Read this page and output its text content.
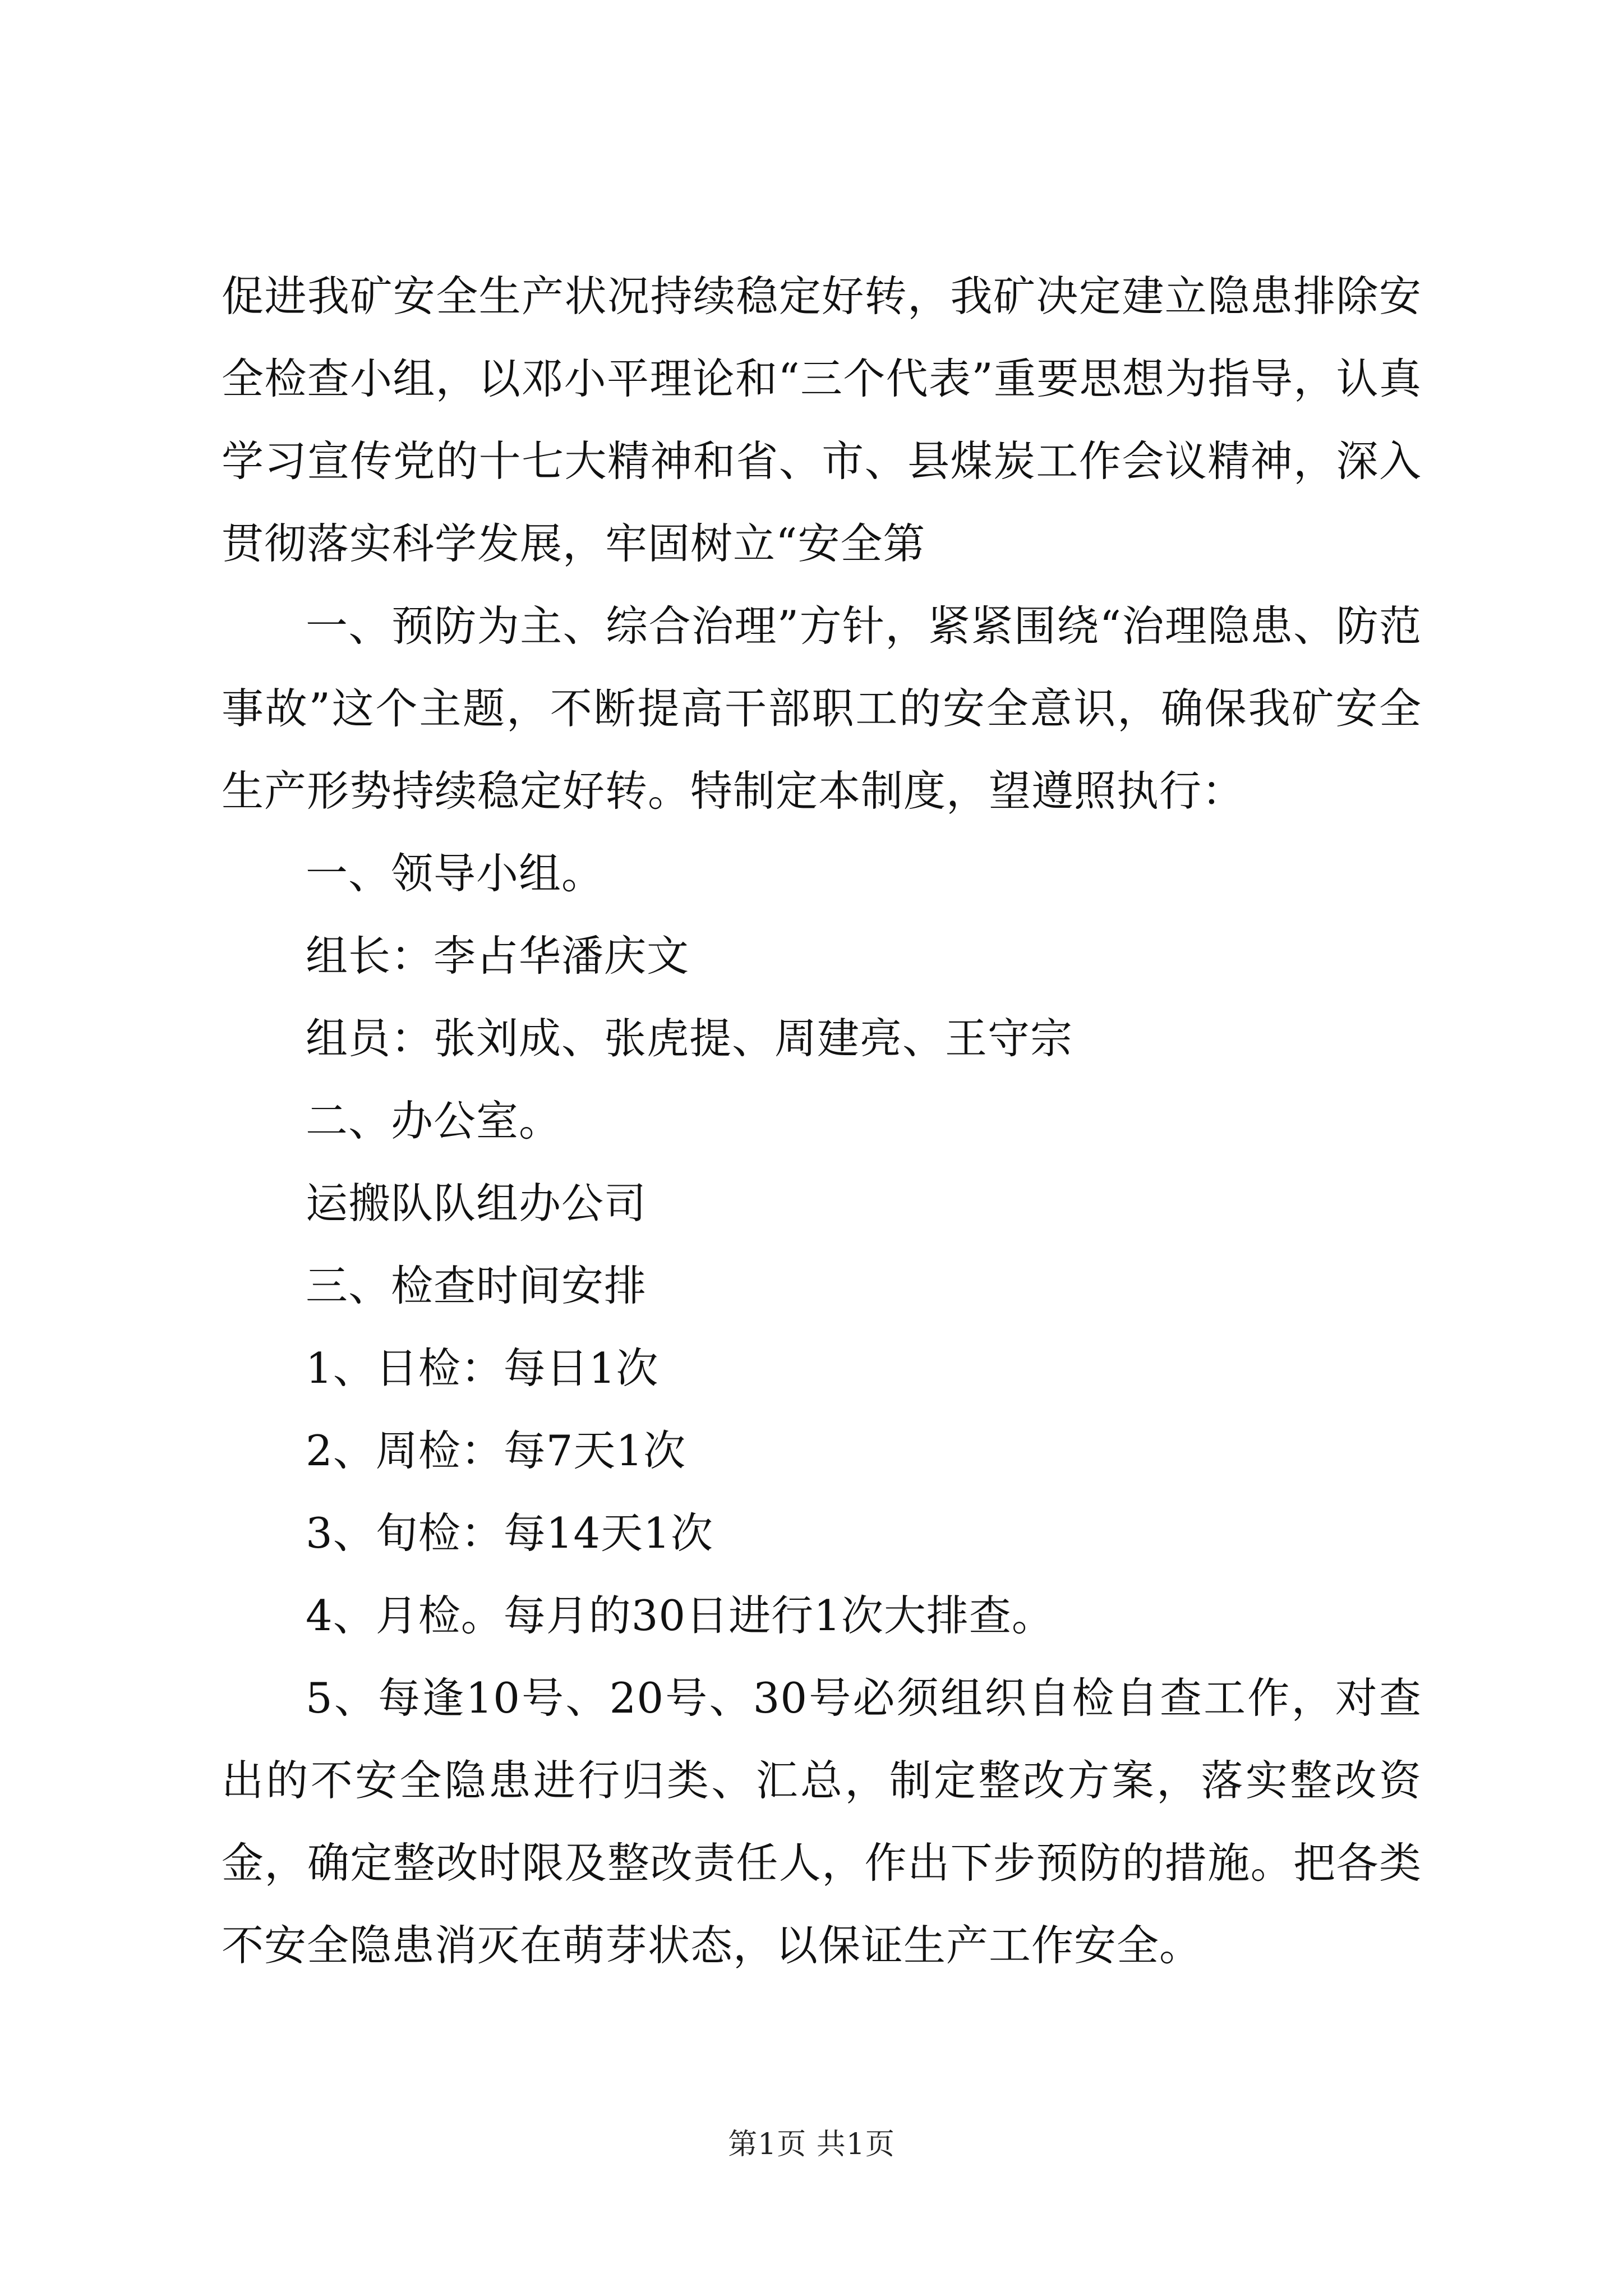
促进我矿安全生产状况持续稳定好转，我矿决定建立隐患排除安全检查小组，以邓小平理论和“三个代表”重要思想为指导，认真学习宣传党的十七大精神和省、市、县煤炭工作会议精神，深入贯彻落实科学发展，牢固树立“安全第

一、预防为主、综合治理”方针，紧紧围绕“治理隐患、防范事故”这个主题，不断提高干部职工的安全意识，确保我矿安全生产形势持续稳定好转。特制定本制度，望遵照执行：

一、领导小组。
组长：李占华潘庆文
组员：张刘成、张虎提、周建亮、王守宗
二、办公室。
运搬队队组办公司
三、检查时间安排
1、日检：每日1次
2、周检：每7天1次
3、旬检：每14天1次
4、月检。每月的30日进行1次大排查。

5、每逢10号、20号、30号必须组织自检自查工作，对查出的不安全隐患进行归类、汇总，制定整改方案，落实整改资金，确定整改时限及整改责任人，作出下步预防的措施。把各类不安全隐患消灭在萌芽状态，以保证生产工作安全。

第1页 共1页
